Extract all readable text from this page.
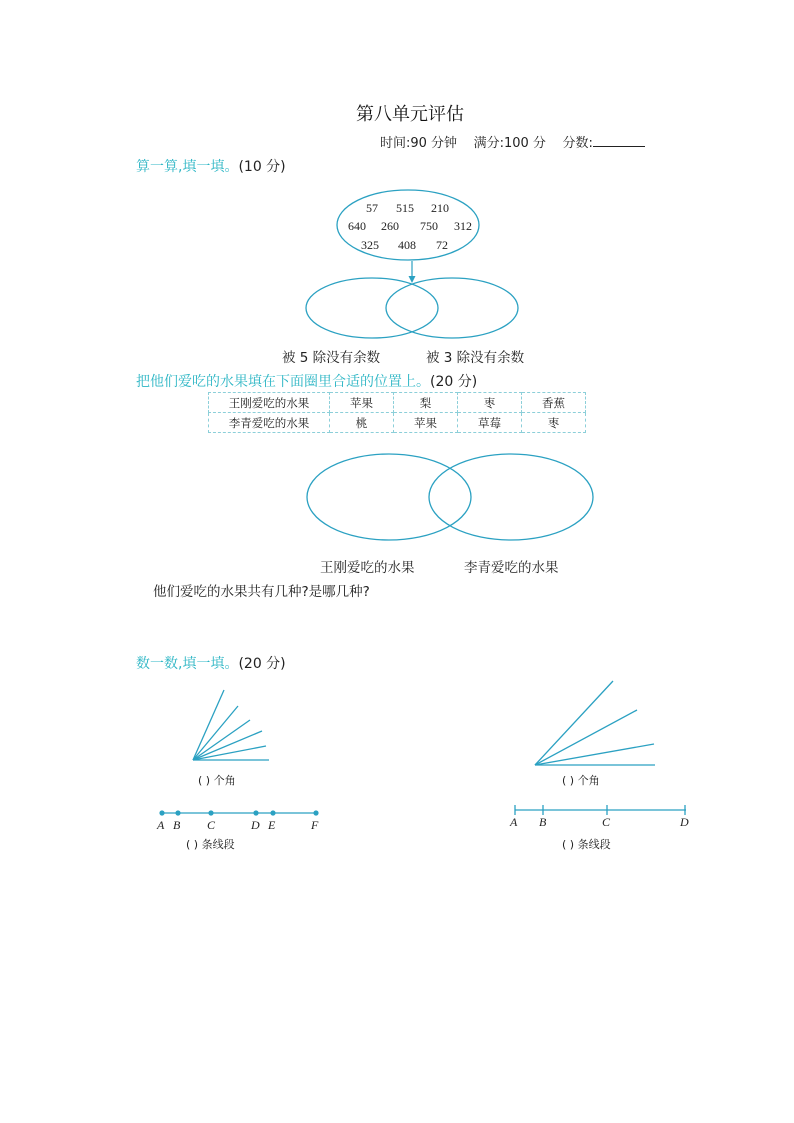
第八单元评估
时间:90 分钟 满分:100 分 分数:
算一算,填一填。(10 分)
57 515 210
640 260 750 312
325 408 72
被 5 除没有余数	被 3 除没有余数
把他们爱吃的水果填在下面圈里合适的位置上。(20 分)
王刚爱吃的水果	苹果	梨	枣	香蕉
李青爱吃的水果	桃	苹果	草莓	枣
王刚爱吃的水果	李青爱吃的水果
他们爱吃的水果共有几种?是哪几种?
数一数,填一填。(20 分)
( ) 个角	( ) 个角
A B C	D E	F	A B	C	D
( ) 条线段	( ) 条线段
